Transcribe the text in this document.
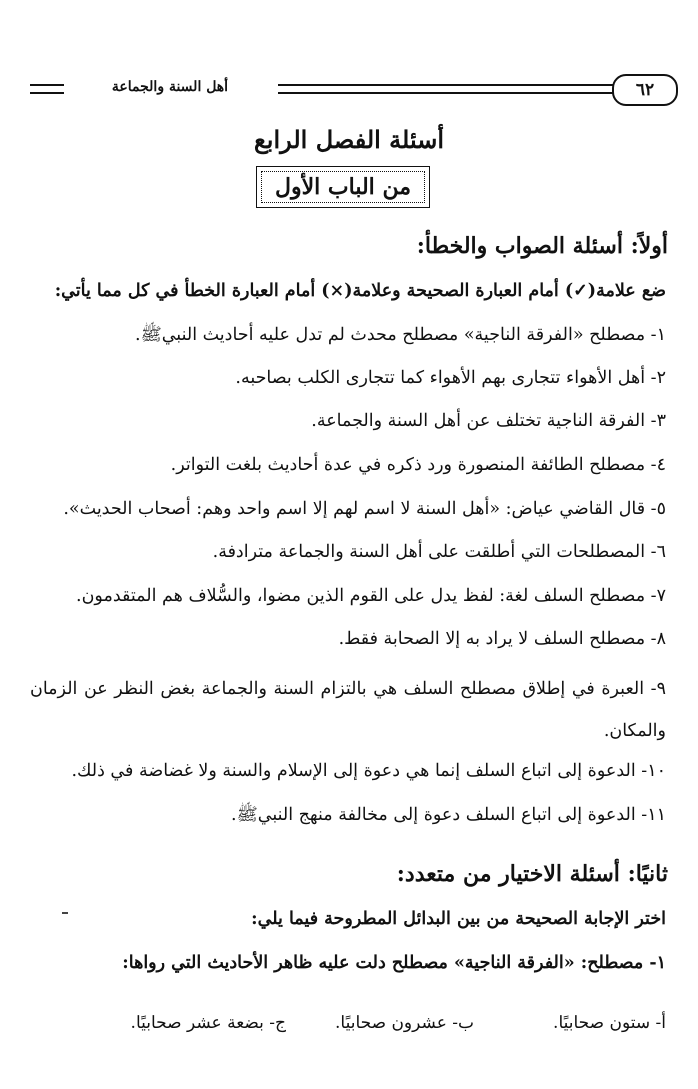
٦٢
أهل السنة والجماعة
أسئلة الفصل الرابع
من الباب الأول
أولاً: أسئلة الصواب والخطأ:
ضع علامة(✓) أمام العبارة الصحيحة وعلامة(×) أمام العبارة الخطأ في كل مما يأتي:
١- مصطلح «الفرقة الناجية» مصطلح محدث لم تدل عليه أحاديث النبيﷺ.
٢- أهل الأهواء تتجارى بهم الأهواء كما تتجارى الكلب بصاحبه.
٣- الفرقة الناجية تختلف عن أهل السنة والجماعة.
٤- مصطلح الطائفة المنصورة ورد ذكره في عدة أحاديث بلغت التواتر.
٥- قال القاضي عياض: «أهل السنة لا اسم لهم إلا اسم واحد وهم: أصحاب الحديث».
٦- المصطلحات التي أطلقت على أهل السنة والجماعة مترادفة.
٧- مصطلح السلف لغة: لفظ يدل على القوم الذين مضوا، والسُّلاف هم المتقدمون.
٨- مصطلح السلف لا يراد به إلا الصحابة فقط.
٩- العبرة في إطلاق مصطلح السلف هي بالتزام السنة والجماعة بغض النظر عن الزمان والمكان.
١٠- الدعوة إلى اتباع السلف إنما هي دعوة إلى الإسلام والسنة ولا غضاضة في ذلك.
١١- الدعوة إلى اتباع السلف دعوة إلى مخالفة منهج النبيﷺ.
ثانيًا: أسئلة الاختيار من متعدد:
اختر الإجابة الصحيحة من بين البدائل المطروحة فيما يلي:
١- مصطلح: «الفرقة الناجية» مصطلح دلت عليه ظاهر الأحاديث التي رواها:
أ- ستون صحابيًا.
ب- عشرون صحابيًا.
ج- بضعة عشر صحابيًا.
